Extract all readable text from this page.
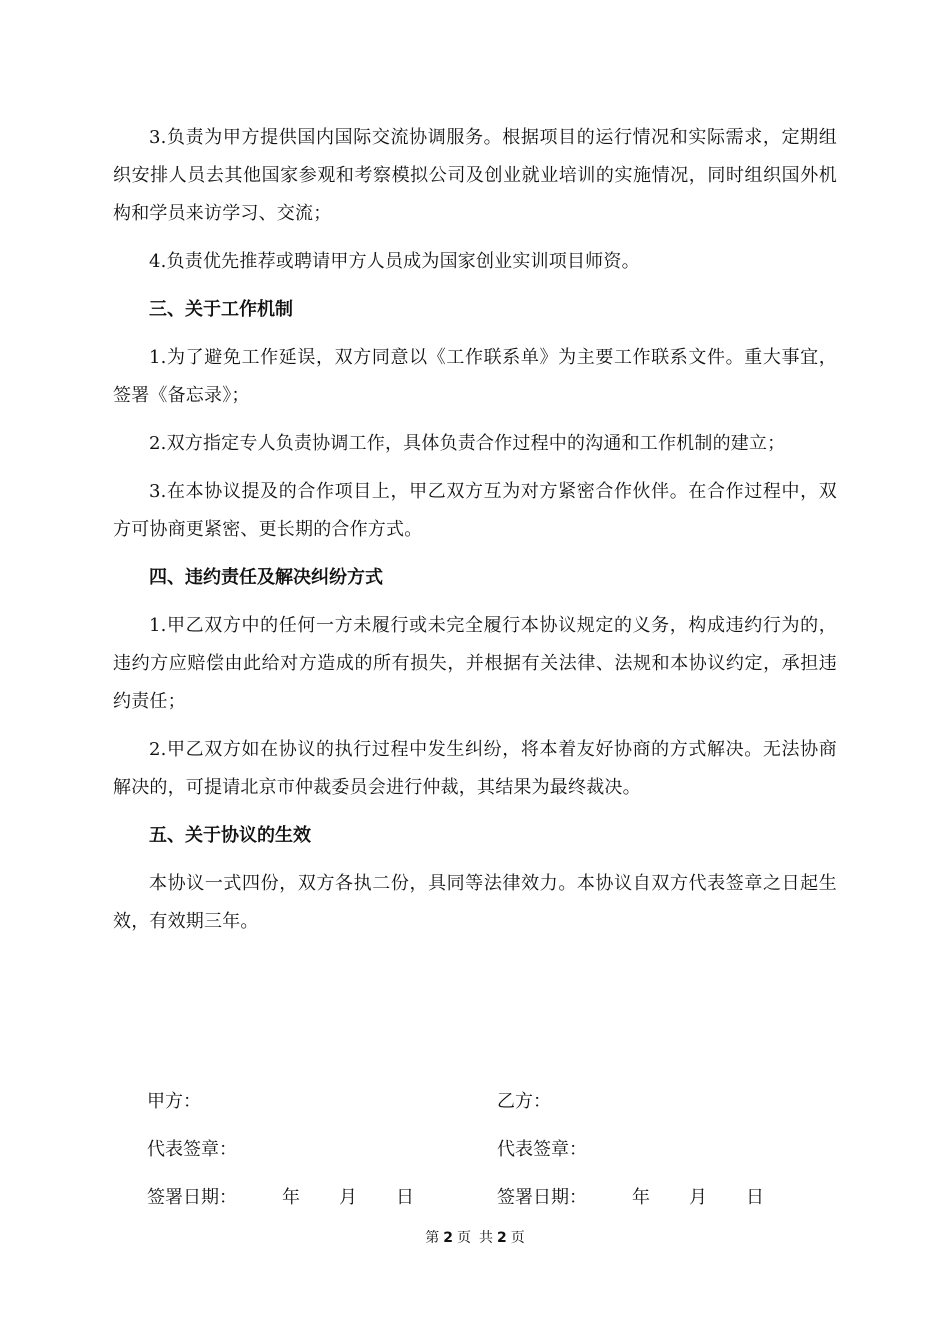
3.负责为甲方提供国内国际交流协调服务。根据项目的运行情况和实际需求，定期组织安排人员去其他国家参观和考察模拟公司及创业就业培训的实施情况，同时组织国外机构和学员来访学习、交流；

4.负责优先推荐或聘请甲方人员成为国家创业实训项目师资。

三、关于工作机制

1.为了避免工作延误，双方同意以《工作联系单》为主要工作联系文件。重大事宜，签署《备忘录》；

2.双方指定专人负责协调工作，具体负责合作过程中的沟通和工作机制的建立；

3.在本协议提及的合作项目上，甲乙双方互为对方紧密合作伙伴。在合作过程中，双方可协商更紧密、更长期的合作方式。

四、违约责任及解决纠纷方式

1.甲乙双方中的任何一方未履行或未完全履行本协议规定的义务，构成违约行为的，违约方应赔偿由此给对方造成的所有损失，并根据有关法律、法规和本协议约定，承担违约责任；

2.甲乙双方如在协议的执行过程中发生纠纷，将本着友好协商的方式解决。无法协商解决的，可提请北京市仲裁委员会进行仲裁，其结果为最终裁决。

五、关于协议的生效

本协议一式四份，双方各执二份，具同等法律效力。本协议自双方代表签章之日起生效，有效期三年。

甲方：	乙方：
代表签章：	代表签章：
签署日期：	年	月	日	签署日期：	年	月	日
第 2 页 共 2 页
